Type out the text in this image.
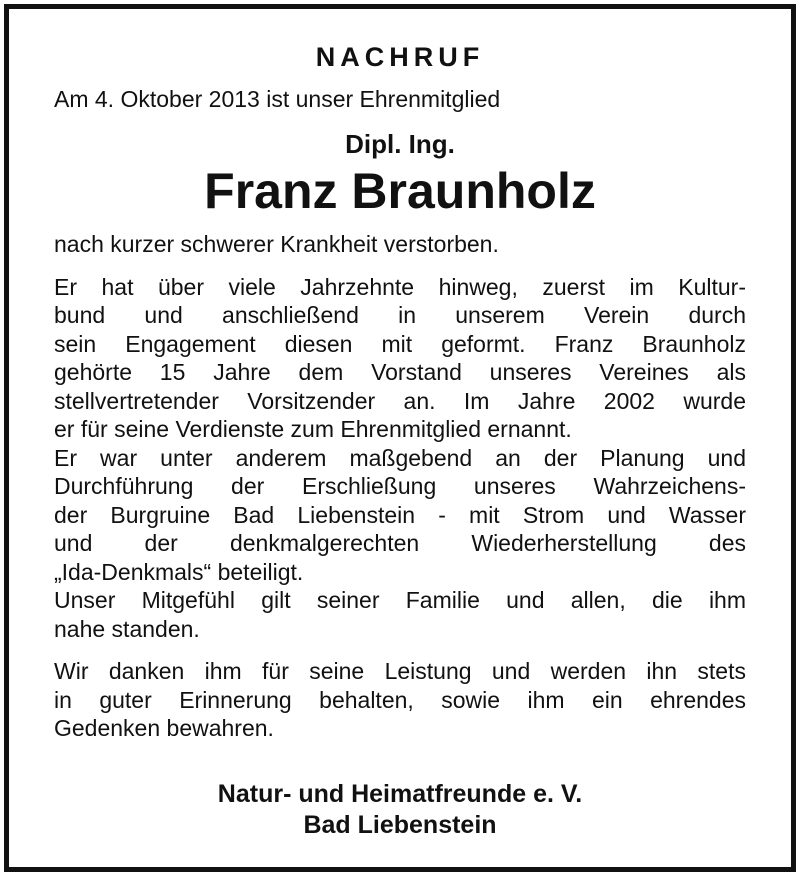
NACHRUF

Am 4. Oktober 2013 ist unser Ehrenmitglied

Dipl. Ing.

Franz Braunholz

nach kurzer schwerer Krankheit verstorben.

Er hat über viele Jahrzehnte hinweg, zuerst im Kultur-
bund und anschließend in unserem Verein durch
sein Engagement diesen mit geformt. Franz Braunholz
gehörte 15 Jahre dem Vorstand unseres Vereines als
stellvertretender Vorsitzender an. Im Jahre 2002 wurde
er für seine Verdienste zum Ehrenmitglied ernannt.
Er war unter anderem maßgebend an der Planung und
Durchführung der Erschließung unseres Wahrzeichens-
der Burgruine Bad Liebenstein - mit Strom und Wasser
und der denkmalgerechten Wiederherstellung des
„Ida-Denkmals“ beteiligt.
Unser Mitgefühl gilt seiner Familie und allen, die ihm
nahe standen.
Wir danken ihm für seine Leistung und werden ihn stets
in guter Erinnerung behalten, sowie ihm ein ehrendes
Gedenken bewahren.

Natur- und Heimatfreunde e. V.

Bad Liebenstein
